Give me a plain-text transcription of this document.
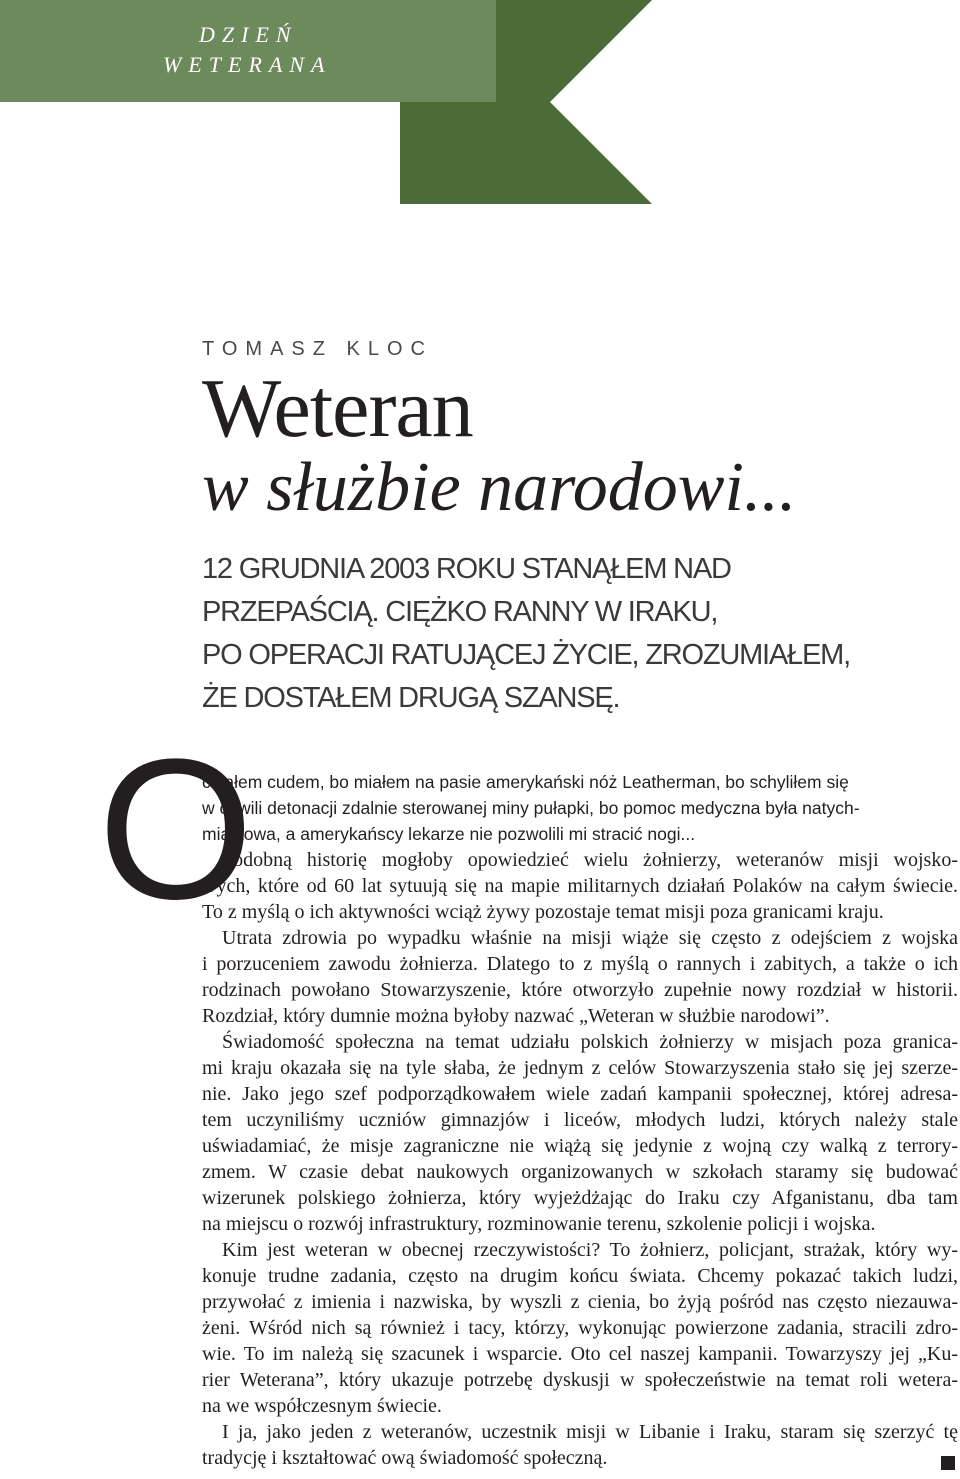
DZIEŃ
WETERANA
TOMASZ KLOC
Weteran
w służbie narodowi...
12 GRUDNIA 2003 ROKU STANĄŁEM NAD
PRZEPAŚCIĄ. CIĘŻKO RANNY W IRAKU,
PO OPERACJI RATUJĄCEJ ŻYCIE, ZROZUMIAŁEM,
ŻE DOSTAŁEM DRUGĄ SZANSĘ.
O
calałem cudem, bo miałem na pasie amerykański nóż Leatherman, bo schyliłem się
w chwili detonacji zdalnie sterowanej miny pułapki, bo pomoc medyczna była natych-
miastowa, a amerykańscy lekarze nie pozwolili mi stracić nogi...
Podobną historię mogłoby opowiedzieć wielu żołnierzy, weteranów misji wojsko-
wych, które od 60 lat sytuują się na mapie militarnych działań Polaków na całym świecie.
To z myślą o ich aktywności wciąż żywy pozostaje temat misji poza granicami kraju.
Utrata zdrowia po wypadku właśnie na misji wiąże się często z odejściem z wojska
i porzuceniem zawodu żołnierza. Dlatego to z myślą o rannych i zabitych, a także o ich
rodzinach powołano Stowarzyszenie, które otworzyło zupełnie nowy rozdział w historii.
Rozdział, który dumnie można byłoby nazwać „Weteran w służbie narodowi”.
Świadomość społeczna na temat udziału polskich żołnierzy w misjach poza granica-
mi kraju okazała się na tyle słaba, że jednym z celów Stowarzyszenia stało się jej szerze-
nie. Jako jego szef podporządkowałem wiele zadań kampanii społecznej, której adresa-
tem uczyniliśmy uczniów gimnazjów i liceów, młodych ludzi, których należy stale
uświadamiać, że misje zagraniczne nie wiążą się jedynie z wojną czy walką z terrory-
zmem. W czasie debat naukowych organizowanych w szkołach staramy się budować
wizerunek polskiego żołnierza, który wyjeżdżając do Iraku czy Afganistanu, dba tam
na miejscu o rozwój infrastruktury, rozminowanie terenu, szkolenie policji i wojska.
Kim jest weteran w obecnej rzeczywistości? To żołnierz, policjant, strażak, który wy-
konuje trudne zadania, często na drugim końcu świata. Chcemy pokazać takich ludzi,
przywołać z imienia i nazwiska, by wyszli z cienia, bo żyją pośród nas często niezauwa-
żeni. Wśród nich są również i tacy, którzy, wykonując powierzone zadania, stracili zdro-
wie. To im należą się szacunek i wsparcie. Oto cel naszej kampanii. Towarzyszy jej „Ku-
rier Weterana”, który ukazuje potrzebę dyskusji w społeczeństwie na temat roli wetera-
na we współczesnym świecie.
I ja, jako jeden z weteranów, uczestnik misji w Libanie i Iraku, staram się szerzyć tę
tradycję i kształtować ową świadomość społeczną.
